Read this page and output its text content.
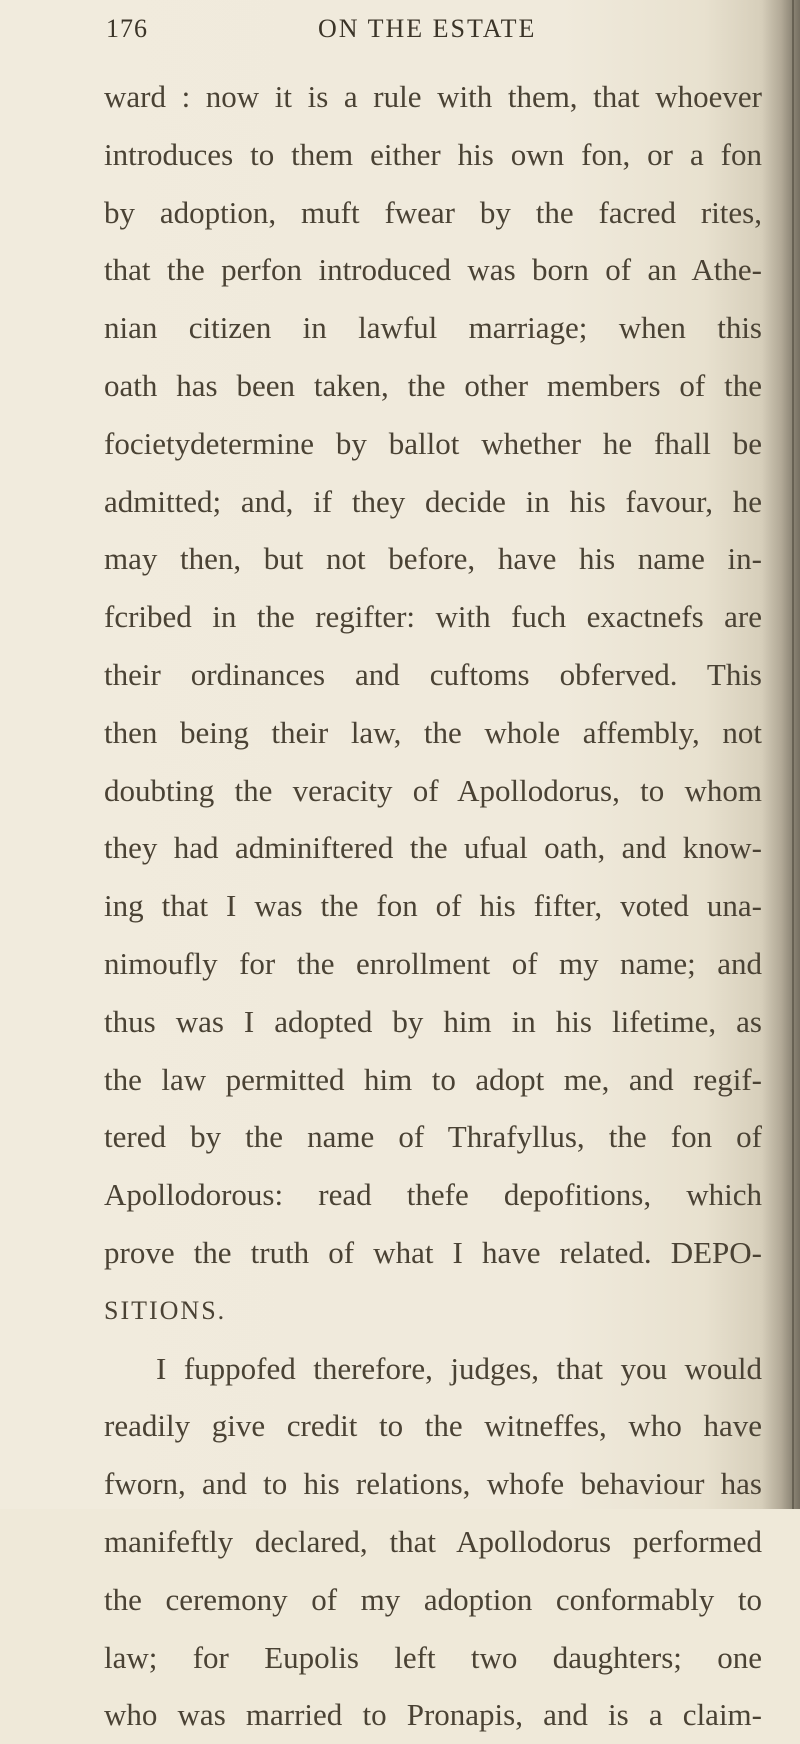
176	ON THE ESTATE
ward : now it is a rule with them, that whoever
introduces to them either his own fon, or a fon
by adoption, muft fwear by the facred rites,
that the perfon introduced was born of an Athe-
nian citizen in lawful marriage; when this
oath has been taken, the other members of the
focietydetermine by ballot whether he fhall be
admitted; and, if they decide in his favour, he
may then, but not before, have his name in-
fcribed in the regifter: with fuch exactnefs are
their ordinances and cuftoms obferved. This
then being their law, the whole affembly, not
doubting the veracity of Apollodorus, to whom
they had adminiftered the ufual oath, and know-
ing that I was the fon of his fifter, voted una-
nimoufly for the enrollment of my name; and
thus was I adopted by him in his lifetime, as
the law permitted him to adopt me, and regif-
tered by the name of Thrafyllus, the fon of
Apollodorous: read thefe depofitions, which
prove the truth of what I have related. DEPO-
SITIONS.
I fuppofed therefore, judges, that you would
readily give credit to the witneffes, who have
fworn, and to his relations, whofe behaviour has
manifeftly declared, that Apollodorus performed
the ceremony of my adoption conformably to
law; for Eupolis left two daughters; one
who was married to Pronapis, and is a claim-
